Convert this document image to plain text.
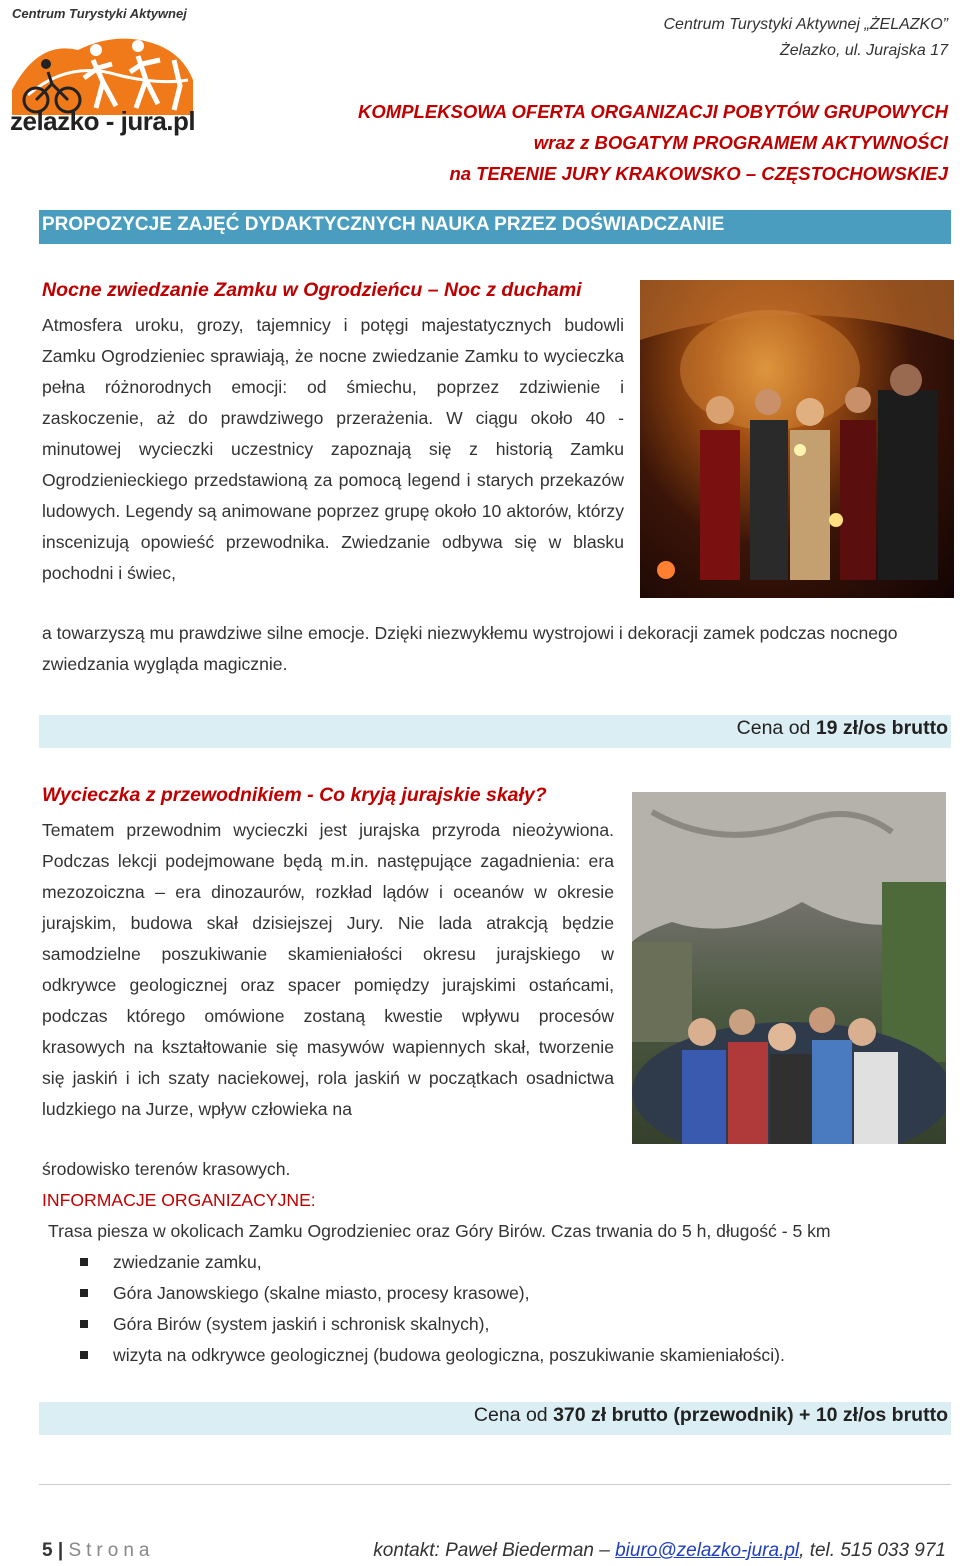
Centrum Turystyki Aktywnej
zelazko - jura.pl
Centrum Turystyki Aktywnej „ŻELAZKO”
Żelazko, ul. Jurajska 17
KOMPLEKSOWA OFERTA ORGANIZACJI POBYTÓW GRUPOWYCH
wraz z BOGATYM PROGRAMEM AKTYWNOŚCI
na TERENIE JURY KRAKOWSKO – CZĘSTOCHOWSKIEJ
PROPOZYCJE ZAJĘĆ DYDAKTYCZNYCH NAUKA PRZEZ DOŚWIADCZANIE
Nocne zwiedzanie Zamku w Ogrodzieńcu – Noc z duchami
Atmosfera uroku, grozy, tajemnicy i potęgi majestatycznych budowli Zamku Ogrodzieniec sprawiają, że nocne zwiedzanie Zamku to wycieczka pełna różnorodnych emocji: od śmiechu, poprzez zdziwienie i zaskoczenie, aż do prawdziwego przerażenia. W ciągu około 40 - minutowej wycieczki uczestnicy zapoznają się z historią Zamku Ogrodzienieckiego przedstawioną za pomocą legend i starych przekazów ludowych. Legendy są animowane poprzez grupę około 10 aktorów, którzy inscenizują opowieść przewodnika. Zwiedzanie odbywa się w blasku pochodni i świec,
a towarzyszą mu prawdziwe silne emocje. Dzięki niezwykłemu wystrojowi i dekoracji zamek podczas nocnego zwiedzania wygląda magicznie.
Cena od 19 zł/os brutto
Wycieczka z przewodnikiem - Co kryją jurajskie skały?
Tematem przewodnim wycieczki jest jurajska przyroda nieożywiona. Podczas lekcji podejmowane będą m.in. następujące zagadnienia: era mezozoiczna – era dinozaurów, rozkład lądów i oceanów w okresie jurajskim, budowa skał dzisiejszej Jury. Nie lada atrakcją będzie samodzielne poszukiwanie skamieniałości okresu jurajskiego w odkrywce geologicznej oraz spacer pomiędzy jurajskimi ostańcami, podczas którego omówione zostaną kwestie wpływu procesów krasowych na kształtowanie się masywów wapiennych skał, tworzenie się jaskiń i ich szaty naciekowej, rola jaskiń w początkach osadnictwa ludzkiego na Jurze, wpływ człowieka na
środowisko terenów krasowych.
INFORMACJE ORGANIZACYJNE:
Trasa piesza w okolicach Zamku Ogrodzieniec oraz Góry Birów. Czas trwania do 5 h, długość - 5 km
zwiedzanie zamku,
Góra Janowskiego (skalne miasto, procesy krasowe),
Góra Birów (system jaskiń i schronisk skalnych),
wizyta na odkrywce geologicznej (budowa geologiczna, poszukiwanie skamieniałości).
Cena od 370 zł brutto (przewodnik) + 10 zł/os brutto
5 | Strona	kontakt: Paweł Biederman – biuro@zelazko-jura.pl, tel. 515 033 971
